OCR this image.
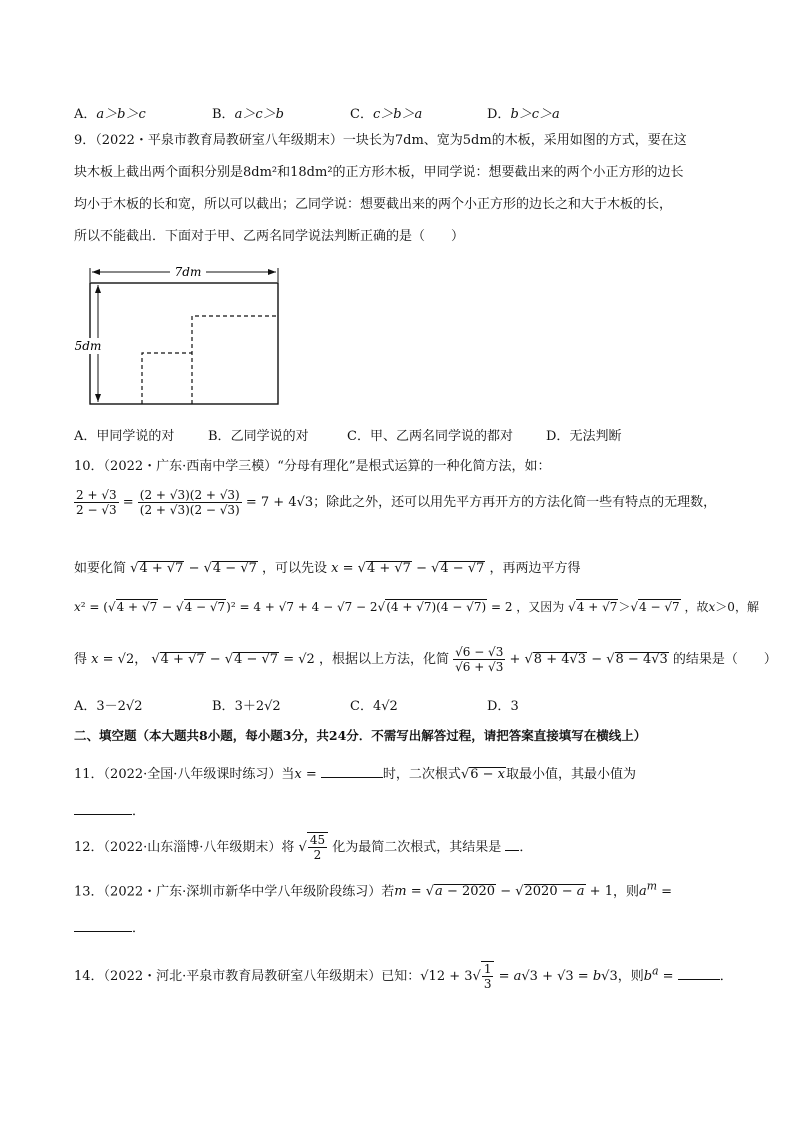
A．a＞b＞c	B．a＞c＞b	C．c＞b＞a	D．b＞c＞a
9．（2022・平泉市教育局教研室八年级期末）一块长为7dm、宽为5dm的木板，采用如图的方式，要在这
块木板上截出两个面积分别是8dm²和18dm²的正方形木板，甲同学说：想要截出来的两个小正方形的边长
均小于木板的长和宽，所以可以截出；乙同学说：想要截出来的两个小正方形的边长之和大于木板的长，
所以不能截出．下面对于甲、乙两名同学说法判断正确的是（　　）
7dm
5dm
A．甲同学说的对	B．乙同学说的对	C．甲、乙两名同学说的都对	D．无法判断
10．（2022・广东·西南中学三模）“分母有理化”是根式运算的一种化简方法，如：
$\frac{2 + √3}{2 - √3} = \frac{(2 + √3)(2 + √3)}{(2 + √3)(2 - √3)} = 7 + 4√3$；除此之外，还可以用先平方再开方的方法化简一些有特点的无理数，
如要化简 √4 + √7 − √4 − √7 ，可以先设 x = √4 + √7 − √4 − √7 ，再两边平方得
x² = (√4 + √7 − √4 − √7)² = 4 + √7 + 4 − √7 − 2√(4 + √7)(4 − √7) = 2 ，又因为 √4 + √7＞√4 − √7 ，故x＞0，解
得 x = √2， √4 + √7 − √4 − √7 = √2 ，根据以上方法，化简 $\frac{√6 - √3}{√6 + √3} + √8 + 4√3 - √8 - 4√3$ 的结果是（　　）
A．3－2√2	B．3＋2√2	C．4√2	D．3
二、填空题（本大题共8小题，每小题3分，共24分．不需写出解答过程，请把答案直接填写在横线上）
11．（2022·全国·八年级课时练习）当x =	时，二次根式√6 − x取最小值，其最小值为
．
12．（2022·山东淄博·八年级期末）将 √ $\frac{45}{2}$ 化为最简二次根式，其结果是 ．
13．（2022・广东·深圳市新华中学八年级阶段练习）若m = √a − 2020 − √2020 − a + 1，则$a^m$ =
．
14．（2022・河北·平泉市教育局教研室八年级期末）已知：$√12 + 3√ \frac{1}{3} = a√3 + √3 = b√3$，则$b^a$ =	．
